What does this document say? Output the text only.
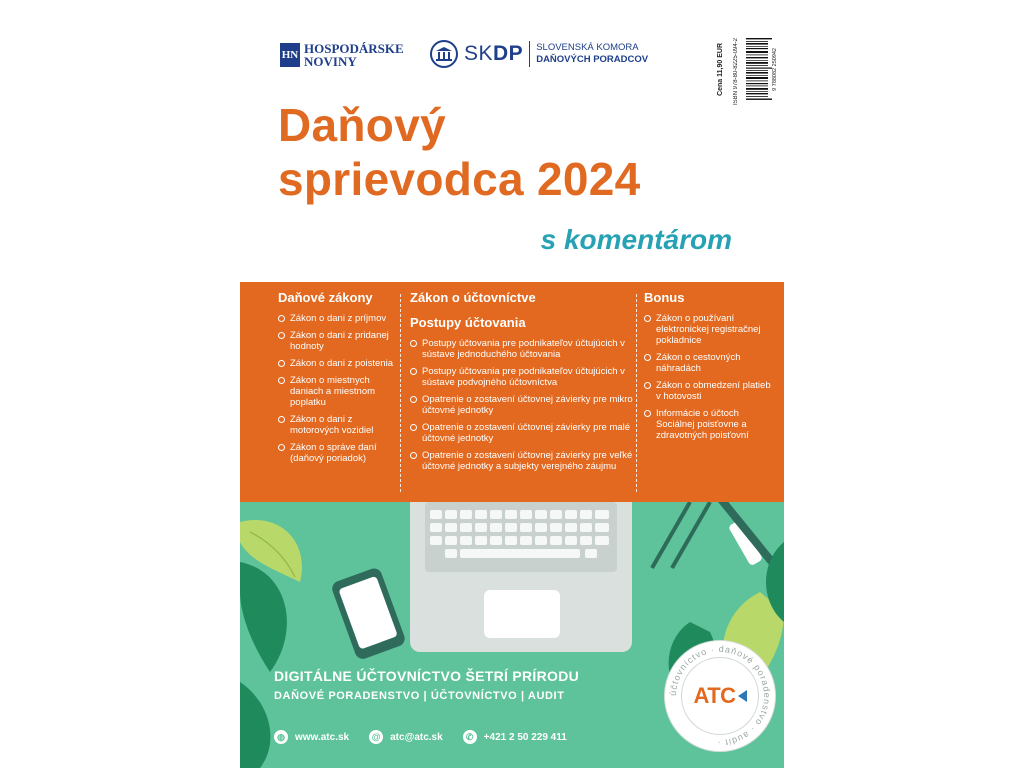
HN HOSPODÁRSKE
NOVINY	SKDP SLOVENSKÁ KOMORA
DAŇOVÝCH PORADCOV	ISBN 978-80-8225-094-2
Cena 11,90 EUR	9 788082 250942
Daňový
sprievodca 2024
s komentárom
Daňové zákony
Zákon o dani z príjmov
Zákon o dani z pridanej hodnoty
Zákon o dani z poistenia
Zákon o miestnych daniach a miestnom poplatku
Zákon o dani z motorových vozidiel
Zákon o správe daní (daňový poriadok)
Zákon o účtovníctve
Postupy účtovania
Postupy účtovania pre podnikateľov účtujúcich v sústave jednoduchého účtovania
Postupy účtovania pre podnikateľov účtujúcich v sústave podvojného účtovníctva
Opatrenie o zostavení účtovnej závierky pre mikro účtovné jednotky
Opatrenie o zostavení účtovnej závierky pre malé účtovné jednotky
Opatrenie o zostavení účtovnej závierky pre veľké účtovné jednotky a subjekty verejného záujmu
Bonus
Zákon o používaní elektronickej registračnej pokladnice
Zákon o cestovných náhradách
Zákon o obmedzení platieb v hotovosti
Informácie o účtoch Sociálnej poisťovne a zdravotných poisťovní
DIGITÁLNE ÚČTOVNÍCTVO ŠETRÍ PRÍRODU
DAŇOVÉ PORADENSTVO | ÚČTOVNÍCTVO | AUDIT
◍	www.atc.sk	@ atc@atc.sk	✆	+421 2 50 229 411
účtovníctvo · daňové poradenstvo · audit ·
ATC
